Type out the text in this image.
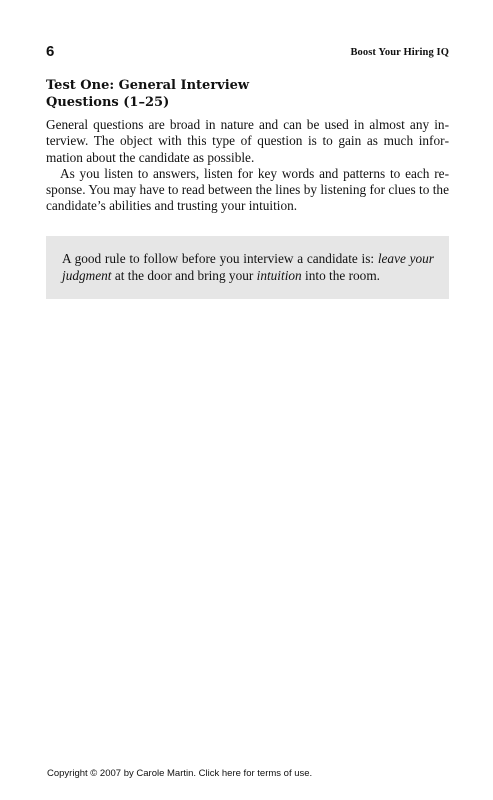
6	Boost Your Hiring IQ
Test One: General Interview Questions (1–25)

General questions are broad in nature and can be used in almost any interview. The object with this type of question is to gain as much information about the candidate as possible.

As you listen to answers, listen for key words and patterns to each response. You may have to read between the lines by listening for clues to the candidate’s abilities and trusting your intuition.

A good rule to follow before you interview a candidate is: leave your judgment at the door and bring your intuition into the room.
Copyright © 2007 by Carole Martin. Click here for terms of use.
